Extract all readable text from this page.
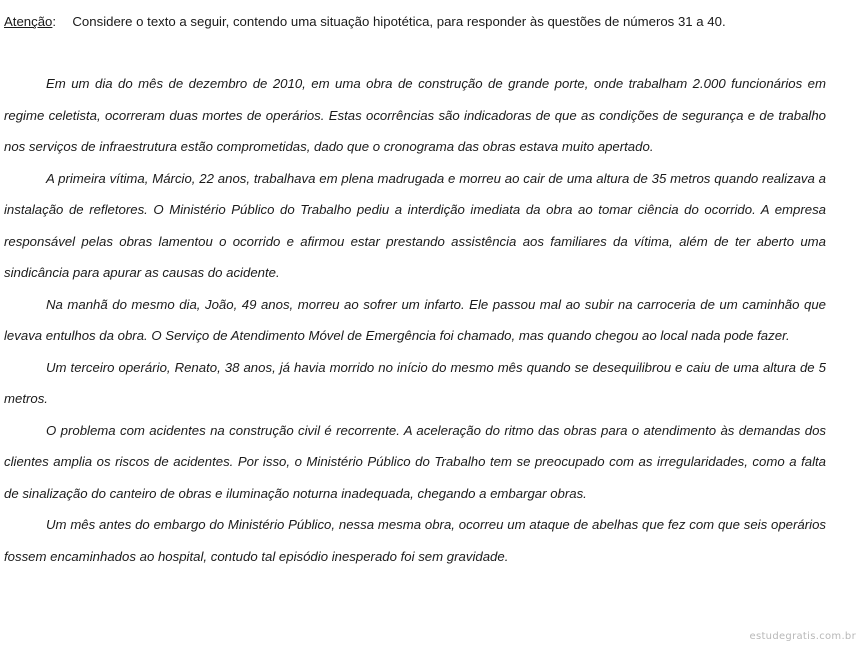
Atenção: Considere o texto a seguir, contendo uma situação hipotética, para responder às questões de números 31 a 40.

Em um dia do mês de dezembro de 2010, em uma obra de construção de grande porte, onde trabalham 2.000 funcionários em regime celetista, ocorreram duas mortes de operários. Estas ocorrências são indicadoras de que as condições de segurança e de trabalho nos serviços de infraestrutura estão comprometidas, dado que o cronograma das obras estava muito apertado.

A primeira vítima, Márcio, 22 anos, trabalhava em plena madrugada e morreu ao cair de uma altura de 35 metros quando realizava a instalação de refletores. O Ministério Público do Trabalho pediu a interdição imediata da obra ao tomar ciência do ocorrido. A empresa responsável pelas obras lamentou o ocorrido e afirmou estar prestando assistência aos familiares da vítima, além de ter aberto uma sindicância para apurar as causas do acidente.

Na manhã do mesmo dia, João, 49 anos, morreu ao sofrer um infarto. Ele passou mal ao subir na carroceria de um caminhão que levava entulhos da obra. O Serviço de Atendimento Móvel de Emergência foi chamado, mas quando chegou ao local nada pode fazer.

Um terceiro operário, Renato, 38 anos, já havia morrido no início do mesmo mês quando se desequilibrou e caiu de uma altura de 5 metros.

O problema com acidentes na construção civil é recorrente. A aceleração do ritmo das obras para o atendimento às demandas dos clientes amplia os riscos de acidentes. Por isso, o Ministério Público do Trabalho tem se preocupado com as irregularidades, como a falta de sinalização do canteiro de obras e iluminação noturna inadequada, chegando a embargar obras.

Um mês antes do embargo do Ministério Público, nessa mesma obra, ocorreu um ataque de abelhas que fez com que seis operários fossem encaminhados ao hospital, contudo tal episódio inesperado foi sem gravidade.

estudegratis.com.br
